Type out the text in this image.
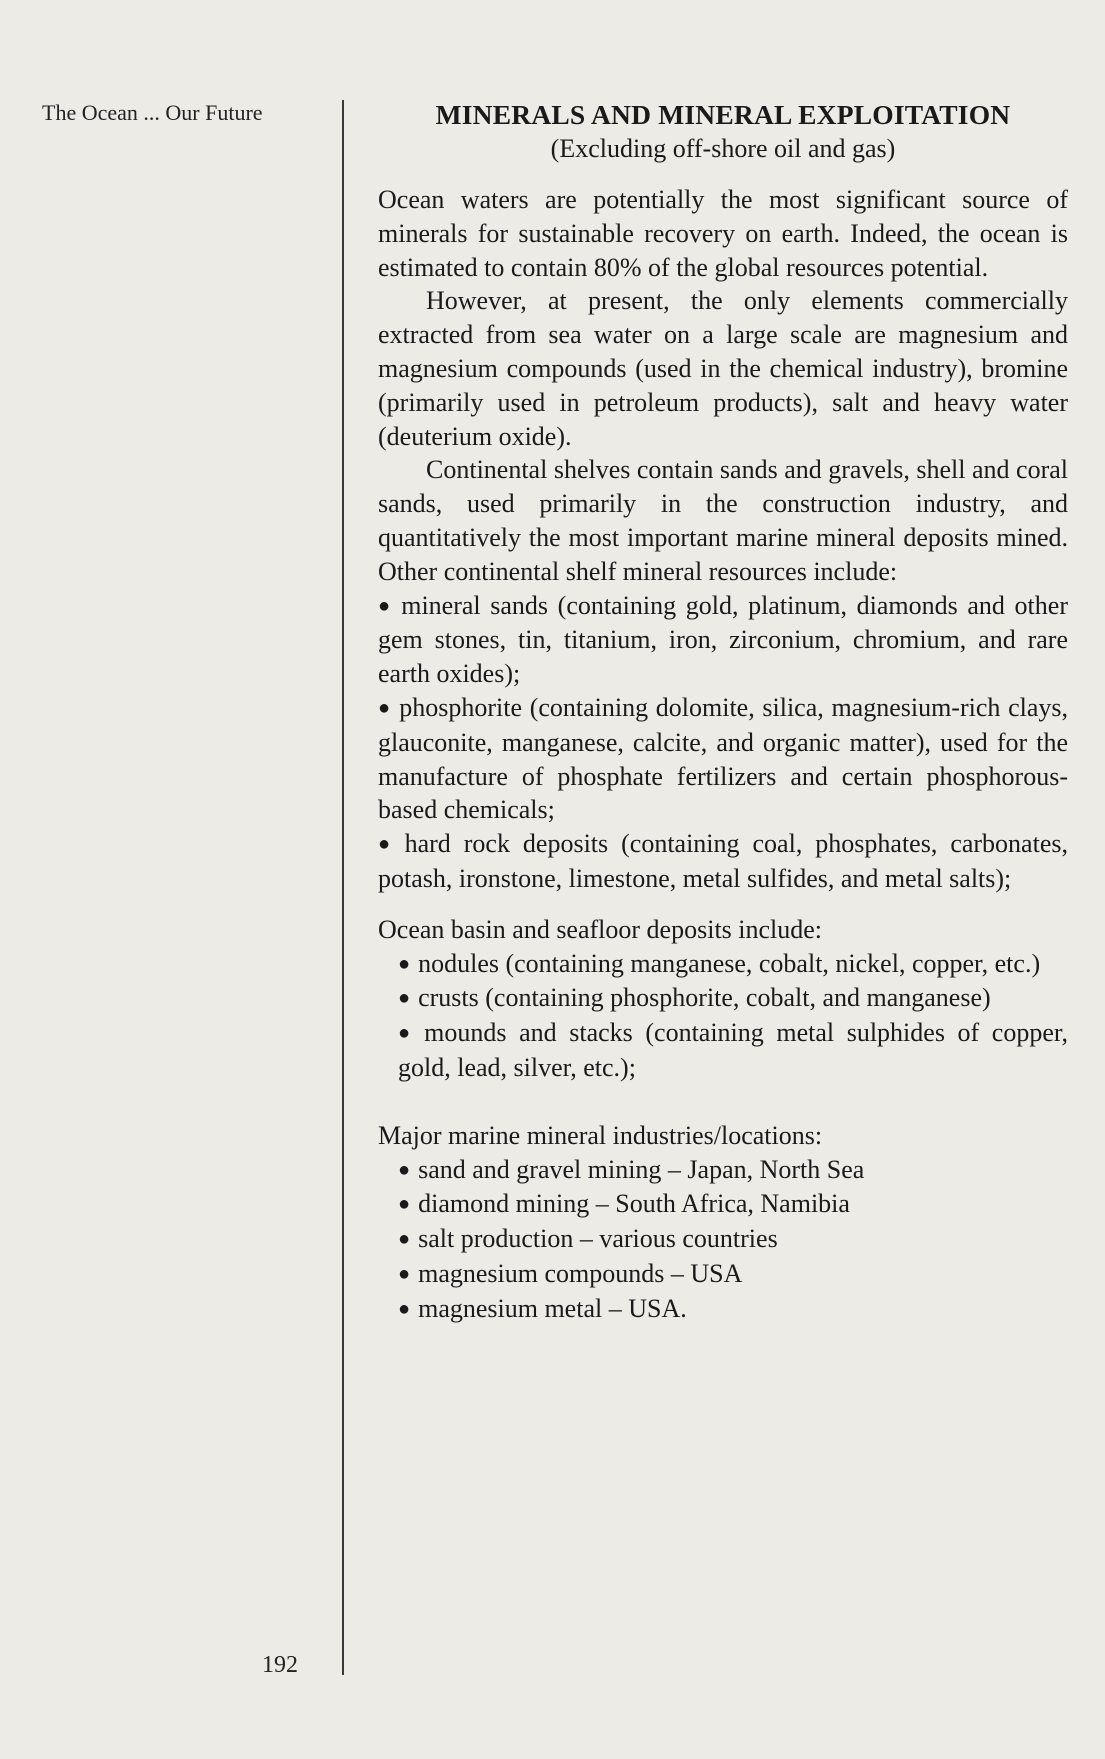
The Ocean ... Our Future
192
MINERALS AND MINERAL EXPLOITATION
(Excluding off-shore oil and gas)

Ocean waters are potentially the most significant source of minerals for sustainable recovery on earth. Indeed, the ocean is estimated to contain 80% of the global resources potential.

However, at present, the only elements commercially extracted from sea water on a large scale are magnesium and magnesium compounds (used in the chemical industry), bromine (primarily used in petroleum products), salt and heavy water (deuterium oxide).

Continental shelves contain sands and gravels, shell and coral sands, used primarily in the construction industry, and quantitatively the most important marine mineral deposits mined. Other continental shelf mineral resources include:

● mineral sands (containing gold, platinum, diamonds and other gem stones, tin, titanium, iron, zirconium, chromium, and rare earth oxides);

● phosphorite (containing dolomite, silica, magnesium-rich clays, glauconite, manganese, calcite, and organic matter), used for the manufacture of phosphate fertilizers and certain phosphorous-based chemicals;

● hard rock deposits (containing coal, phosphates, carbonates, potash, ironstone, limestone, metal sulfides, and metal salts);

Ocean basin and seafloor deposits include:

● nodules (containing manganese, cobalt, nickel, copper, etc.)

● crusts (containing phosphorite, cobalt, and manganese)

● mounds and stacks (containing metal sulphides of copper, gold, lead, silver, etc.);

Major marine mineral industries/locations:

● sand and gravel mining – Japan, North Sea

● diamond mining – South Africa, Namibia

● salt production – various countries

● magnesium compounds – USA

● magnesium metal – USA.
